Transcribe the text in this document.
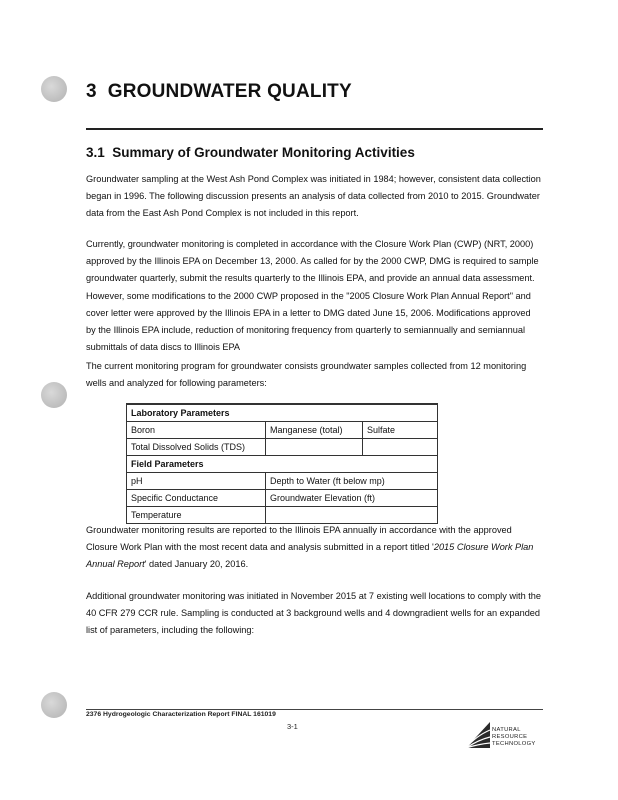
3 GROUNDWATER QUALITY
3.1 Summary of Groundwater Monitoring Activities

Groundwater sampling at the West Ash Pond Complex was initiated in 1984; however, consistent data collection began in 1996. The following discussion presents an analysis of data collected from 2010 to 2015. Groundwater data from the East Ash Pond Complex is not included in this report.

Currently, groundwater monitoring is completed in accordance with the Closure Work Plan (CWP) (NRT, 2000) approved by the Illinois EPA on December 13, 2000. As called for by the 2000 CWP, DMG is required to sample groundwater quarterly, submit the results quarterly to the Illinois EPA, and provide an annual data assessment. However, some modifications to the 2000 CWP proposed in the "2005 Closure Work Plan Annual Report" and cover letter were approved by the Illinois EPA in a letter to DMG dated June 15, 2006. Modifications approved by the Illinois EPA include, reduction of monitoring frequency from quarterly to semiannually and semiannual submittals of data discs to Illinois EPA

The current monitoring program for groundwater consists groundwater samples collected from 12 monitoring wells and analyzed for following parameters:

Laboratory Parameters		
Boron	Manganese (total)	Sulfate
Total Dissolved Solids (TDS)		
Field Parameters		
pH	Depth to Water (ft below mp)	
Specific Conductance	Groundwater Elevation (ft)	
Temperature		

Groundwater monitoring results are reported to the Illinois EPA annually in accordance with the approved Closure Work Plan with the most recent data and analysis submitted in a report titled '2015 Closure Work Plan Annual Report' dated January 20, 2016.

Additional groundwater monitoring was initiated in November 2015 at 7 existing well locations to comply with the 40 CFR 279 CCR rule. Sampling is conducted at 3 background wells and 4 downgradient wells for an expanded list of parameters, including the following:

2376 Hydrogeologic Characterization Report FINAL 161019
3-1	NATURAL
RESOURCE
TECHNOLOGY
